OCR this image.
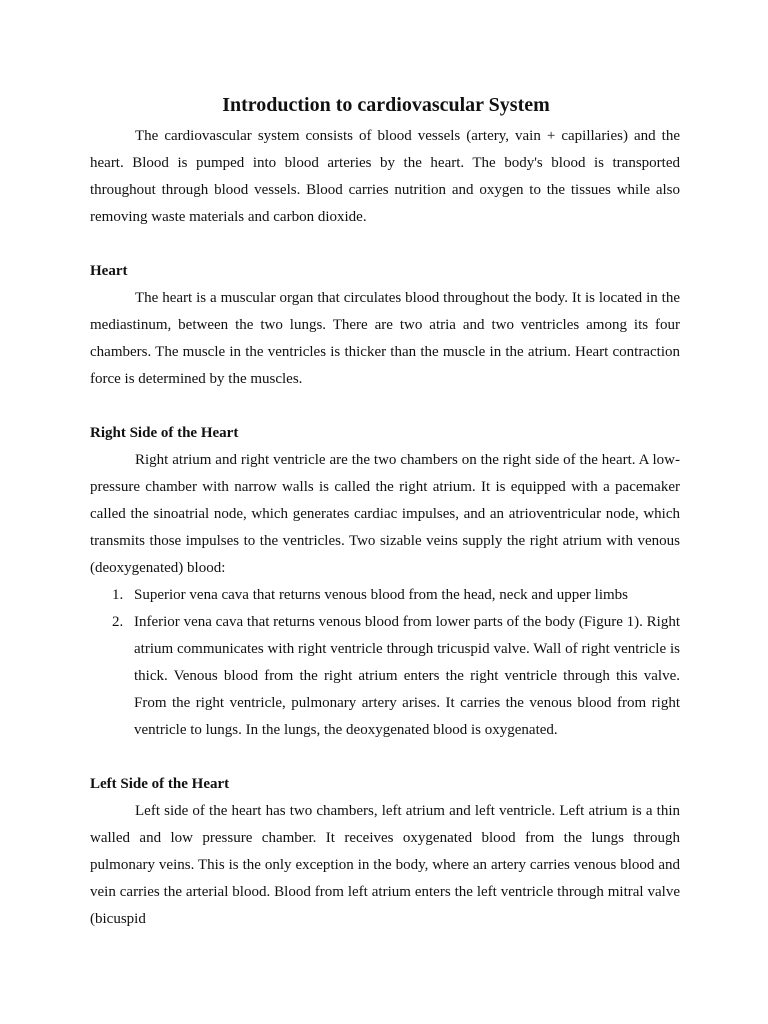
Introduction to cardiovascular System

The cardiovascular system consists of blood vessels (artery, vain + capillaries) and the heart. Blood is pumped into blood arteries by the heart. The body's blood is transported throughout through blood vessels. Blood carries nutrition and oxygen to the tissues while also removing waste materials and carbon dioxide.

Heart

The heart is a muscular organ that circulates blood throughout the body. It is located in the mediastinum, between the two lungs. There are two atria and two ventricles among its four chambers. The muscle in the ventricles is thicker than the muscle in the atrium. Heart contraction force is determined by the muscles.

Right Side of the Heart

Right atrium and right ventricle are the two chambers on the right side of the heart. A low-pressure chamber with narrow walls is called the right atrium. It is equipped with a pacemaker called the sinoatrial node, which generates cardiac impulses, and an atrioventricular node, which transmits those impulses to the ventricles. Two sizable veins supply the right atrium with venous (deoxygenated) blood:

1. Superior vena cava that returns venous blood from the head, neck and upper limbs
2. Inferior vena cava that returns venous blood from lower parts of the body (Figure 1). Right atrium communicates with right ventricle through tricuspid valve. Wall of right ventricle is thick. Venous blood from the right atrium enters the right ventricle through this valve. From the right ventricle, pulmonary artery arises. It carries the venous blood from right ventricle to lungs. In the lungs, the deoxygenated blood is oxygenated.
Left Side of the Heart

Left side of the heart has two chambers, left atrium and left ventricle. Left atrium is a thin walled and low pressure chamber. It receives oxygenated blood from the lungs through pulmonary veins. This is the only exception in the body, where an artery carries venous blood and vein carries the arterial blood. Blood from left atrium enters the left ventricle through mitral valve (bicuspid
